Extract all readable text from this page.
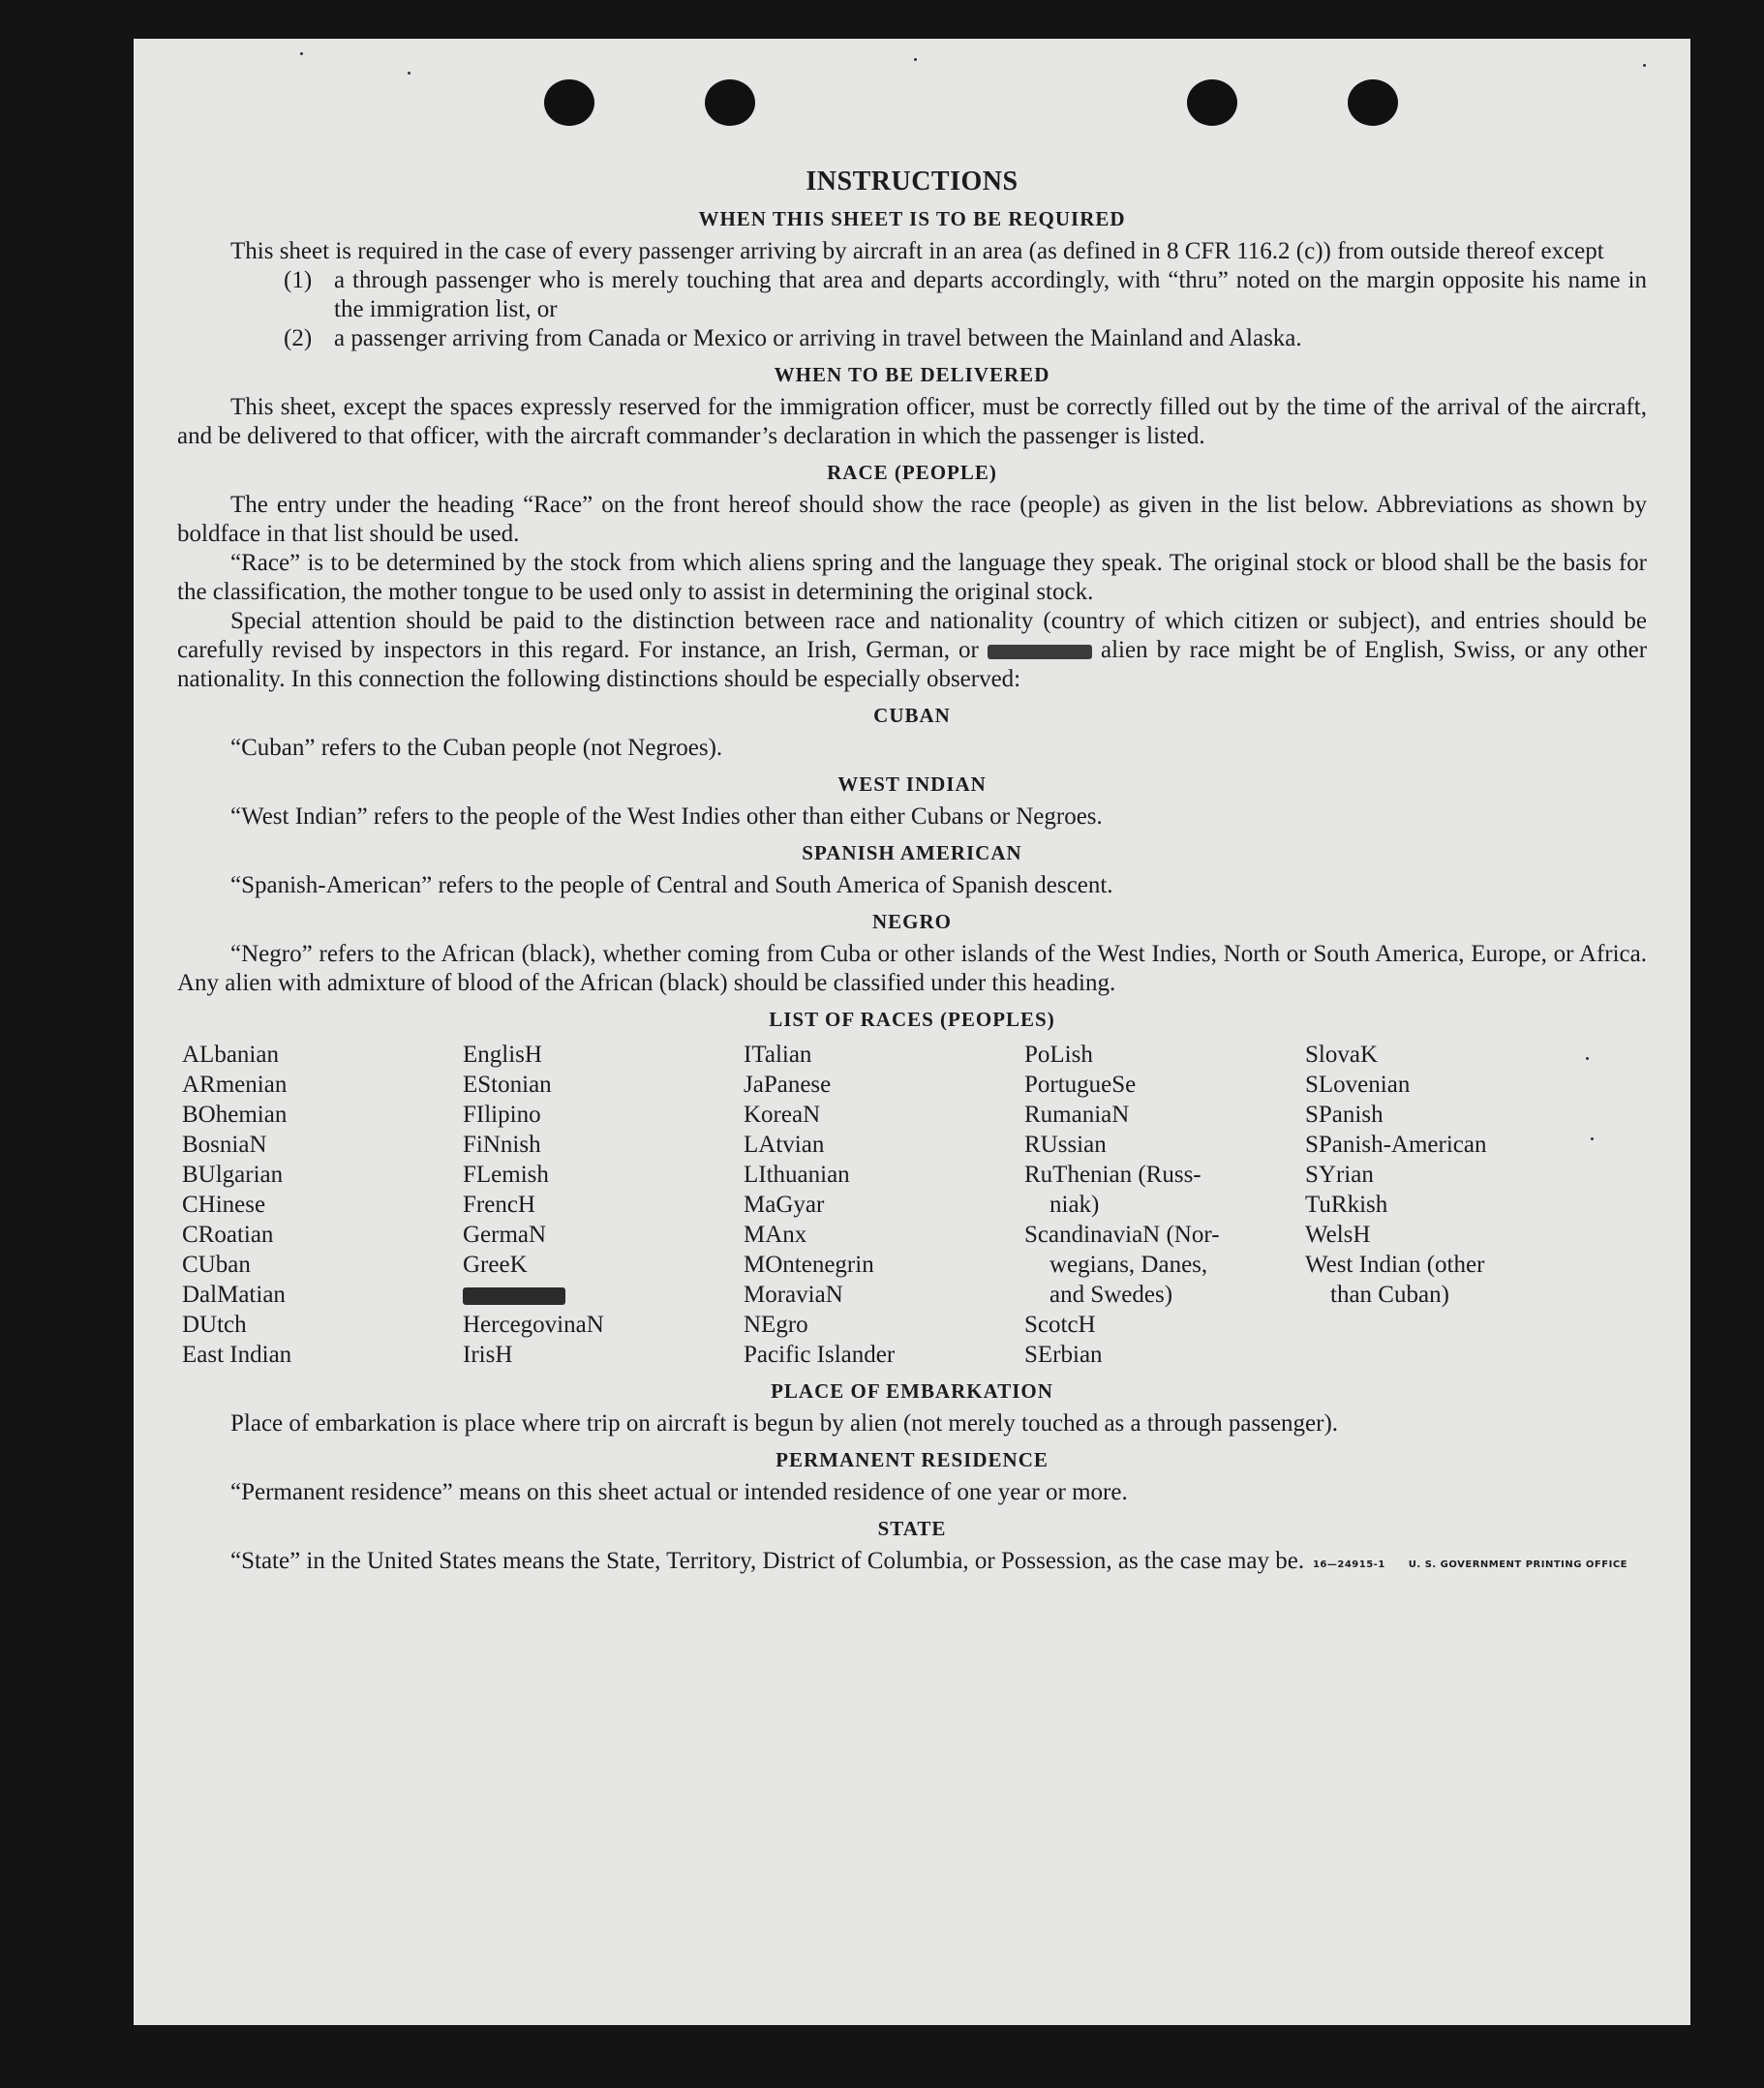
INSTRUCTIONS
WHEN THIS SHEET IS TO BE REQUIRED

This sheet is required in the case of every passenger arriving by aircraft in an area (as defined in 8 CFR 116.2 (c)) from outside thereof except

(1) a through passenger who is merely touching that area and departs accordingly, with “thru” noted on the margin opposite his name in the immigration list, or
(2) a passenger arriving from Canada or Mexico or arriving in travel between the Mainland and Alaska.
WHEN TO BE DELIVERED

This sheet, except the spaces expressly reserved for the immigration officer, must be correctly filled out by the time of the arrival of the aircraft, and be delivered to that officer, with the aircraft commander’s declaration in which the passenger is listed.

RACE (PEOPLE)

The entry under the heading “Race” on the front hereof should show the race (people) as given in the list below. Abbreviations as shown by boldface in that list should be used.

“Race” is to be determined by the stock from which aliens spring and the language they speak. The original stock or blood shall be the basis for the classification, the mother tongue to be used only to assist in determining the original stock.

Special attention should be paid to the distinction between race and nationality (country of which citizen or subject), and entries should be carefully revised by inspectors in this regard. For instance, an Irish, German, or	alien by race might be of English, Swiss, or any other nationality. In this connection the following distinctions should be especially observed:

CUBAN

“Cuban” refers to the Cuban people (not Negroes).

WEST INDIAN

“West Indian” refers to the people of the West Indies other than either Cubans or Negroes.

SPANISH AMERICAN

“Spanish-American” refers to the people of Central and South America of Spanish descent.

NEGRO

“Negro” refers to the African (black), whether coming from Cuba or other islands of the West Indies, North or South America, Europe, or Africa. Any alien with admixture of blood of the African (black) should be classified under this heading.

LIST OF RACES (PEOPLES)
ALbanian
ARmenian
BOhemian
BosniaN
BUlgarian
CHinese
CRoatian
CUban
DalMatian
DUtch
East Indian
EnglisH
EStonian
FIlipino
FiNnish
FLemish
FrencH
GermaN
GreeK
HercegovinaN
IrisH
ITalian
JaPanese
KoreaN
LAtvian
LIthuanian
MaGyar
MAnx
MOntenegrin
MoraviaN
NEgro
Pacific Islander
PoLish
PortugueSe
RumaniaN
RUssian
RuThenian (Russ-
niak)
ScandinaviaN (Nor-
wegians, Danes,
and Swedes)
ScotcH
SErbian
SlovaK
SLovenian
SPanish
SPanish-American
SYrian
TuRkish
WelsH
West Indian (other
than Cuban)
PLACE OF EMBARKATION

Place of embarkation is place where trip on aircraft is begun by alien (not merely touched as a through passenger).

PERMANENT RESIDENCE

“Permanent residence” means on this sheet actual or intended residence of one year or more.

STATE

“State” in the United States means the State, Territory, District of Columbia, or Possession, as the case may be. 16—24915-1 U. S. GOVERNMENT PRINTING OFFICE
